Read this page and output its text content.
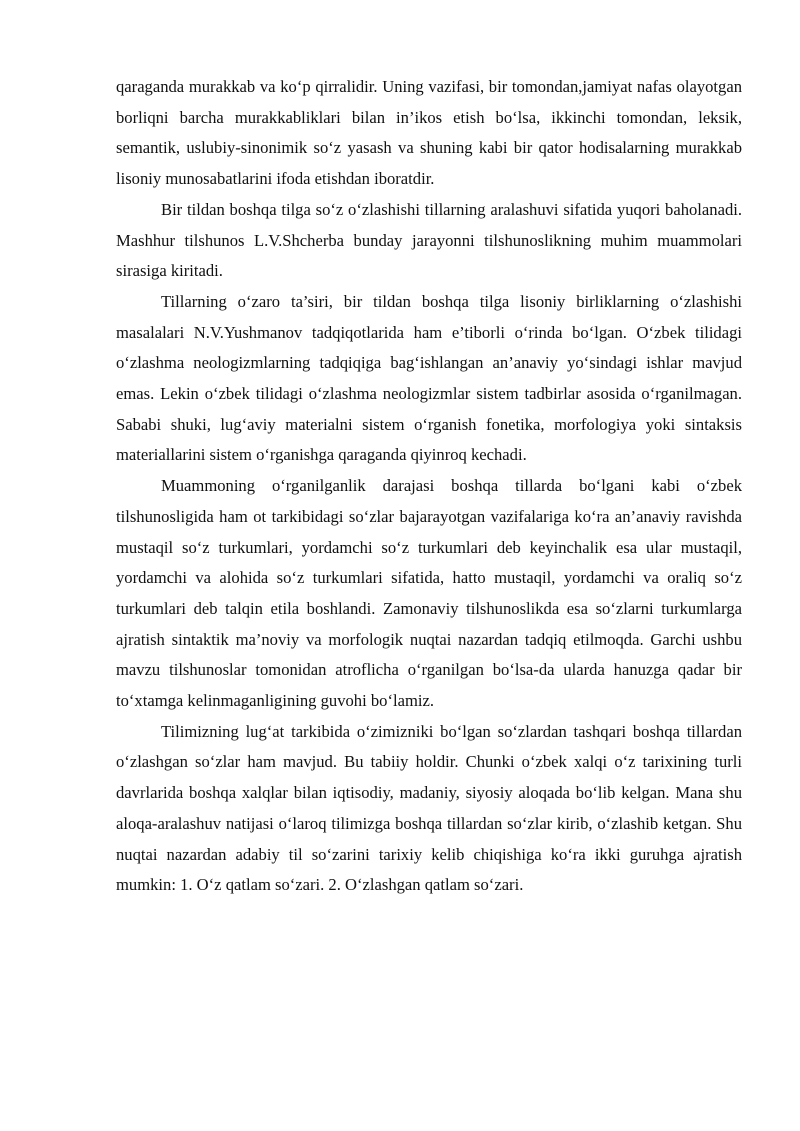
qaraganda murakkab va ko‘p qirralidir. Uning vazifasi, bir tomondan,jamiyat nafas olayotgan borliqni barcha murakkabliklari bilan in’ikos etish bo‘lsa, ikkinchi tomondan, leksik, semantik, uslubiy-sinonimik so‘z yasash va shuning kabi bir qator hodisalarning murakkab lisoniy munosabatlarini ifoda etishdan iboratdir.

Bir tildan boshqa tilga so‘z o‘zlashishi tillarning aralashuvi sifatida yuqori baholanadi. Mashhur tilshunos L.V.Shcherba bunday jarayonni tilshunoslikning muhim muammolari sirasiga kiritadi.

Tillarning o‘zaro ta’siri, bir tildan boshqa tilga lisoniy birliklarning o‘zlashishi masalalari N.V.Yushmanov tadqiqotlarida ham e’tiborli o‘rinda bo‘lgan. O‘zbek tilidagi o‘zlashma neologizmlarning tadqiqiga bag‘ishlangan an’anaviy yo‘sindagi ishlar mavjud emas. Lekin o‘zbek tilidagi o‘zlashma neologizmlar sistem tadbirlar asosida o‘rganilmagan. Sababi shuki, lug‘aviy materialni sistem o‘rganish fonetika, morfologiya yoki sintaksis materiallarini sistem o‘rganishga qaraganda qiyinroq kechadi.

Muammoning o‘rganilganlik darajasi boshqa tillarda bo‘lgani kabi o‘zbek tilshunosligida ham ot tarkibidagi so‘zlar bajarayotgan vazifalariga ko‘ra an’anaviy ravishda mustaqil so‘z turkumlari, yordamchi so‘z turkumlari deb keyinchalik esa ular mustaqil, yordamchi va alohida so‘z turkumlari sifatida, hatto mustaqil, yordamchi va oraliq so‘z turkumlari deb talqin etila boshlandi. Zamonaviy tilshunoslikda esa so‘zlarni turkumlarga ajratish sintaktik ma’noviy va morfologik nuqtai nazardan tadqiq etilmoqda. Garchi ushbu mavzu tilshunoslar tomonidan atroflicha o‘rganilgan bo‘lsa-da ularda hanuzga qadar bir to‘xtamga kelinmaganligining guvohi bo‘lamiz.

Tilimizning lug‘at tarkibida o‘zimizniki bo‘lgan so‘zlardan tashqari boshqa tillardan o‘zlashgan so‘zlar ham mavjud. Bu tabiiy holdir. Chunki o‘zbek xalqi o‘z tarixining turli davrlarida boshqa xalqlar bilan iqtisodiy, madaniy, siyosiy aloqada bo‘lib kelgan. Mana shu aloqa-aralashuv natijasi o‘laroq tilimizga boshqa tillardan so‘zlar kirib, o‘zlashib ketgan. Shu nuqtai nazardan adabiy til so‘zarini tarixiy kelib chiqishiga ko‘ra ikki guruhga ajratish mumkin: 1. O‘z qatlam so‘zari. 2. O‘zlashgan qatlam so‘zari.
